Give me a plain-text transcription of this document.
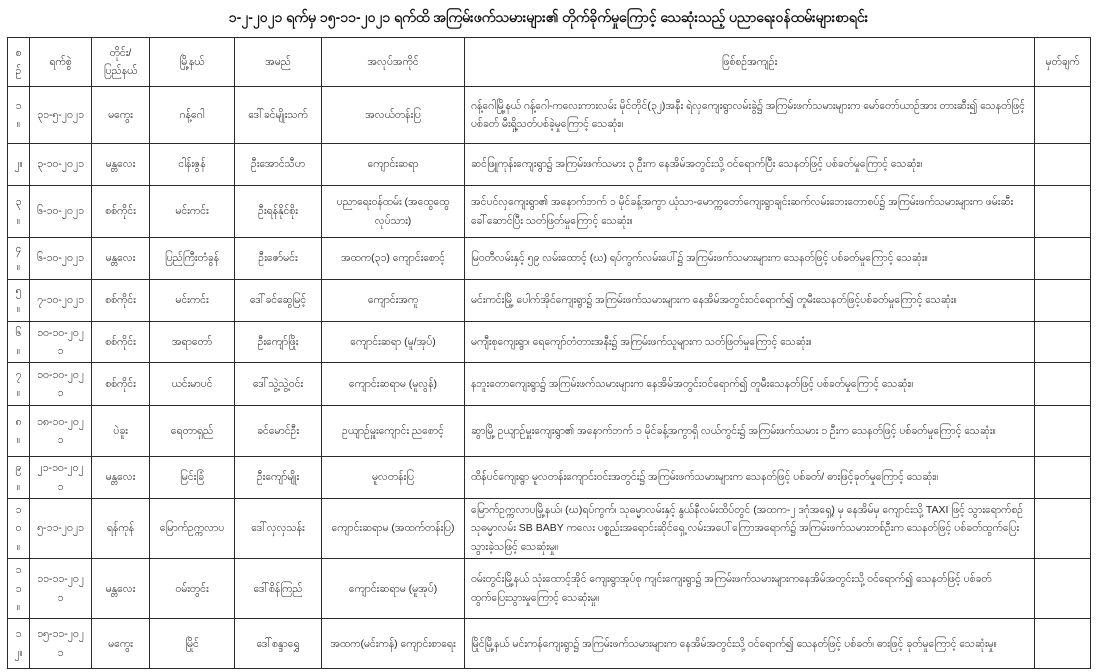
၁-၂-၂၀၂၁ ရက်မှ ၁၅-၁၁-၂၀၂၁ ရက်ထိ အကြမ်းဖက်သမားများ၏ တိုက်ခိုက်မှုကြောင့် သေဆုံးသည့် ပညာရေးဝန်ထမ်းများစာရင်း
စဉ်	ရက်စွဲ	တိုင်း/ပြည်နယ်	မြို့နယ်	အမည်	အလုပ်အကိုင်	ဖြစ်စဉ်အကျဉ်း	မှတ်ချက်
၁။	၃၁-၅-၂၀၂၁	မကွေး	ဂန့်ဂေါ	ဒေါ်ခင်မျိုးသက်	အလယ်တန်းပြ	ဂန့်ဂေါမြို့နယ် ဂန့်ဂေါ-ကလေးကားလမ်း မိုင်တိုင်(၃၂)အနီး ရဲလှကျေးရွာလမ်းခွဲ၌ အကြမ်းဖက်သမားများက မော်တော်ယာဉ်အား တားဆီး၍ သေနတ်ဖြင့်ပစ်ခတ် မီးရှို့သတ်ပစ်ခဲ့မှုကြောင့် သေဆုံး။	
၂။	၃-၁၀-၂၀၂၁	မန္တလေး	ငါန်းဇွန်	ဦးအောင်သီဟ	ကျောင်းဆရာ	ဆင်ဖြူကုန်းကျေးရွာ၌ အကြမ်းဖက်သမား ၃ ဦးက နေအိမ်အတွင်းသို့ ဝင်ရောက်ပြီး သေနတ်ဖြင့် ပစ်ခတ်မှုကြောင့် သေဆုံး။	
၃။	၆-၁၀-၂၀၂၁	စစ်ကိုင်း	မင်းကင်း	ဦးရန်နိုင်စိုး	ပညာရေးဝန်ထမ်း (အထွေထွေလုပ်သား)	အင်ပင်လှကျေးရွာ၏ အနောက်ဘက် ၁ မိုင်ခန့်အကွာ ယုံသာ-မောက္ကတော်ကျေးရွာချင်းဆက်လမ်းဘေးတောစပ်၌ အကြမ်းဖက်သမားများက ဖမ်းဆီးခေါ်ဆောင်ပြီး သတ်ဖြတ်မှုကြောင့် သေဆုံး။	
၄။	၆-၁၀-၂၀၂၁	မန္တလေး	ပြည်ကြီးတံခွန်	ဦးဇော်မင်း	အထက(၃၁) ကျောင်းစောင့်	မြဝတီလမ်းနှင့် ၅၉ လမ်းထောင့် (ဃ) ရပ်ကွက်လမ်းပေါ်၌ အကြမ်းဖက်သမားများက သေနတ်ဖြင့် ပစ်ခတ်မှုကြောင့် သေဆုံး။	
၅။	၇-၁၀-၂၀၂၁	စစ်ကိုင်း	မင်းကင်း	ဒေါ်ခင်ဆွေမြင့်	ကျောင်းအကူ	မင်းကင်းမြို့ ပေါက်အိုင်ကျေးရွာ၌ အကြမ်းဖက်သမားများက နေအိမ်အတွင်းဝင်ရောက်၍ တူမီးသေနတ်ဖြင့်ပစ်ခတ်မှုကြောင့် သေဆုံး။	
၆။	၁၀-၁၀-၂၀၂၁	စစ်ကိုင်း	အရာတော်	ဦးကျော်ဖြိုး	ကျောင်းဆရာ (မူ/အုပ်)	မကျီးစုကျေးရွာ၊ ရေကျော်တံတားအနီး၌ အကြမ်းဖက်သူများက သတ်ဖြတ်မှုကြောင့် သေဆုံး။	
၇။	၁၀-၁၀-၂၀၂၁	စစ်ကိုင်း	ယင်းမာပင်	ဒေါ်သွဲ့သွဲ့ဝင်း	ကျောင်းဆရာမ (မူလွန်)	နဘူးတောကျေးရွာ၌ အကြမ်းဖက်သမားများက နေအိမ်အတွင်းဝင်ရောက်၍ တူမီးသေနတ်ဖြင့် ပစ်ခတ်မှုကြောင့် သေဆုံး။	
၈။	၁၈-၁၀-၂၀၂၁	ပဲခူး	ရေတာရှည်	ခင်မောင်ဦး	ဥယျာဉ်မှူးကျောင်း ညစောင့်	ဆွာမြို့ ဥယျာဉ်မှူးကျေးရွာ၏ အနောက်ဘက် ၁ မိုင်ခန့်အကွာရှိ လယ်ကွင်း၌ အကြမ်းဖက်သမား ၁ ဦးက သေနတ်ဖြင့် ပစ်ခတ်မှုကြောင့် သေဆုံး။	
၉။	၂၁-၁၀-၂၀၂၁	မန္တလေး	မြင်းခြံ	ဦးကျော်မျိုး	မူလတန်းပြ	ထိန်ပင်ကျေးရွာ မူလတန်းကျောင်းဝင်းအတွင်း၌ အကြမ်းဖက်သမားများက သေနတ်ဖြင့် ပစ်ခတ်/ ဓားဖြင့်ခုတ်မှုကြောင့် သေဆုံး။	
၁၀။	၅-၁၁-၂၀၂၁	ရန်ကုန်	မြောက်ဥက္ကလာပ	ဒေါ်လှလှသန်း	ကျောင်းဆရာမ (အထက်တန်းပြ)	မြောက်ဥက္ကလာပမြို့နယ်၊ (ဃ)ရပ်ကွက်၊ သုဓမ္မာလမ်းနှင့် နွယ်နီလမ်းထိပ်တွင် (အထက-၂ ဒဂုံအရှေ့) မှ နေအိမ်မှ ကျောင်းသို့ TAXI ဖြင့် သွားရောက်စဉ် သုဓမ္မာလမ်း SB BABY ကလေး ပစ္စည်းအရောင်းဆိုင်ရှေ့ လမ်းအပေါ်ကြောအရောက်၌ အကြမ်းဖက်သမားတစ်ဦးက သေနတ်ဖြင့် ပစ်ခတ်ထွက်ပြေးသွားခဲ့သဖြင့် သေဆုံးမှု။	
၁၁။	၁၁-၁၁-၂၀၂၁	မန္တလေး	ဝမ်းတွင်း	ဒေါ်စိန်ကြည်	ကျောင်းဆရာမ (မူအုပ်)	ဝမ်းတွင်းမြို့နယ် သုံးထောင့်အိုင် ကျေးရွာအုပ်စု ကျင်းကျေးရွာ၌ အကြမ်းဖက်သမားများကနေအိမ်အတွင်းသို့ ဝင်ရောက်၍ သေနတ်ဖြင့် ပစ်ခတ်ထွက်ပြေးသွားမှုကြောင့် သေဆုံးမှု။	
၁၂။	၁၅-၁၁-၂၀၂၁	မကွေး	မြိုင်	ဒေါ်စန္ဒာရွှေ	အထက(မင်းကန်) ကျောင်းစာရေး	မြိုင်မြို့နယ် မင်းကန်ကျေးရွာ၌ အကြမ်းဖက်သမားများက နေအိမ်အတွင်းသို့ ဝင်ရောက်၍ သေနတ်ဖြင့် ပစ်ခတ်၊ ဓားဖြင့် ခုတ်မှုကြောင့် သေဆုံးမှု။	
